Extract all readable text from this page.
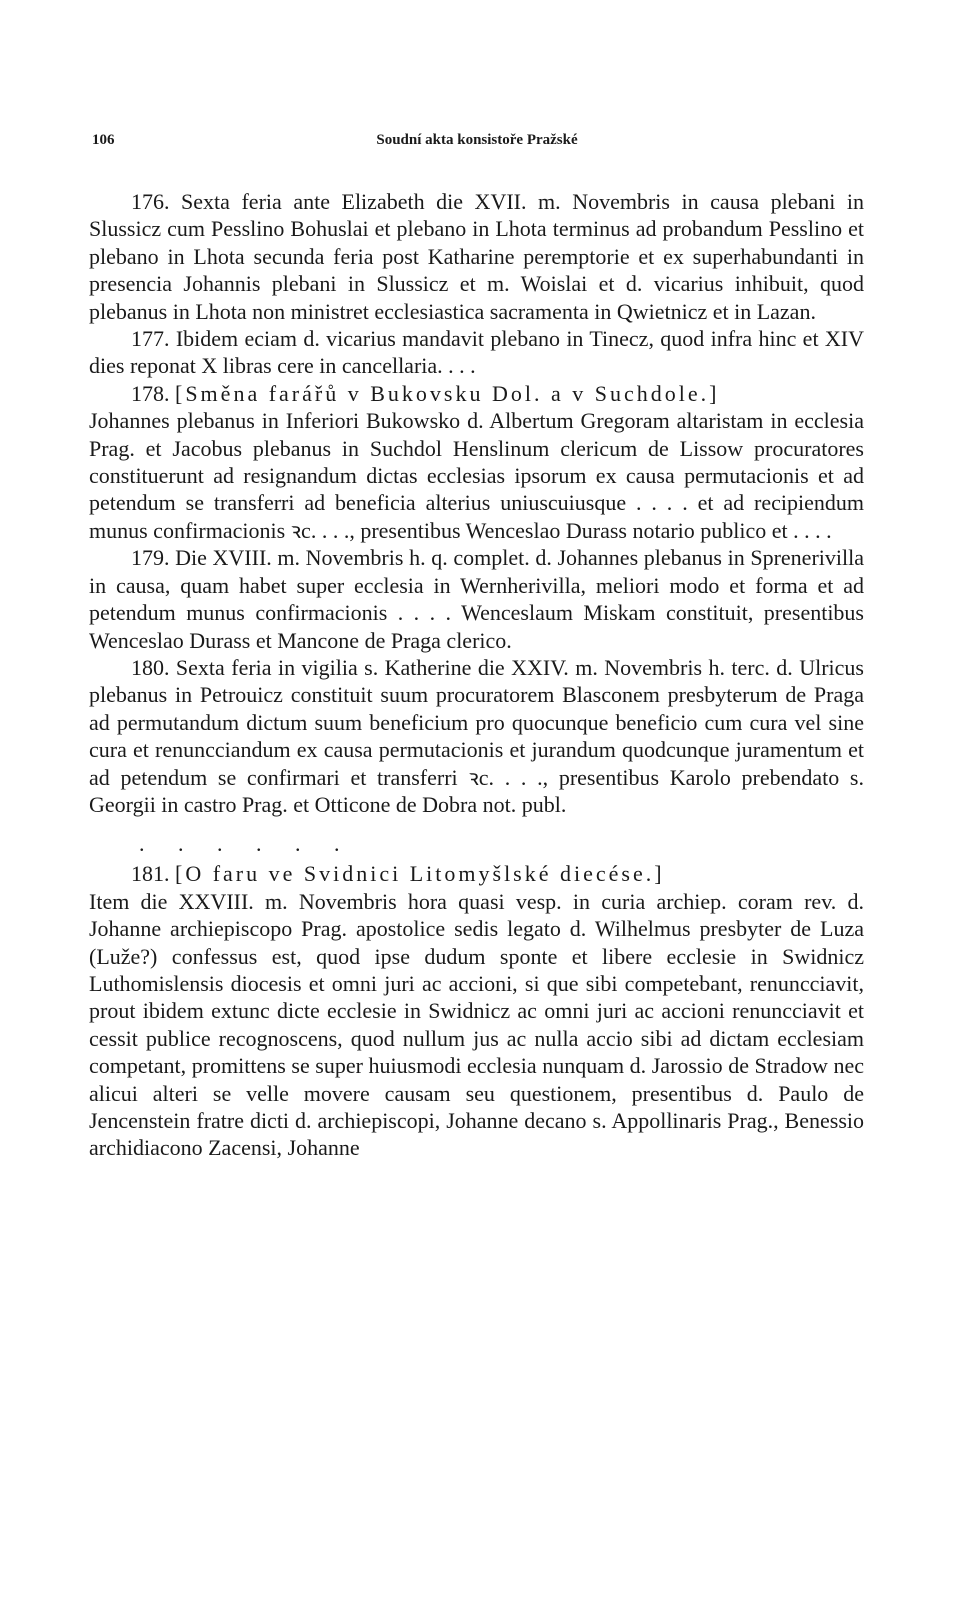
106	Soudní akta konsistoře Pražské

176. Sexta feria ante Elizabeth die XVII. m. Novembris in causa plebani in Slussicz cum Pesslino Bohuslai et plebano in Lhota terminus ad probandum Pesslino et plebano in Lhota secunda feria post Katharine peremptorie et ex superhabundanti in presencia Johannis plebani in Slussicz et m. Woislai et d. vicarius inhibuit, quod plebanus in Lhota non ministret ecclesiastica sacramenta in Qwietnicz et in Lazan.

177. Ibidem eciam d. vicarius mandavit plebano in Tinecz, quod infra hinc et XIV dies reponat X libras cere in cancellaria. . . .

178. [Směna farářů v Bukovsku Dol. a v Suchdole.]

Johannes plebanus in Inferiori Bukowsko d. Albertum Gregoram altaristam in ecclesia Prag. et Jacobus plebanus in Suchdol Henslinum clericum de Lissow procuratores constituerunt ad resignandum dictas ecclesias ipsorum ex causa permutacionis et ad petendum se transferri ad beneficia alterius uniuscuiusque . . . . et ad recipiendum munus confirmacionis ꝛc. . . ., presentibus Wenceslao Durass notario publico et . . . .

179. Die XVIII. m. Novembris h. q. complet. d. Johannes plebanus in Sprenerivilla in causa, quam habet super ecclesia in Wernherivilla, meliori modo et forma et ad petendum munus confirmacionis . . . . Wenceslaum Miskam constituit, presentibus Wenceslao Durass et Mancone de Praga clerico.

180. Sexta feria in vigilia s. Katherine die XXIV. m. Novembris h. terc. d. Ulricus plebanus in Petrouicz constituit suum procuratorem Blasconem presbyterum de Praga ad permutandum dictum suum beneficium pro quocunque beneficio cum cura vel sine cura et renuncciandum ex causa permutacionis et jurandum quodcunque juramentum et ad petendum se confirmari et transferri ꝛc. . . ., presentibus Karolo prebendato s. Georgii in castro Prag. et Otticone de Dobra not. publ.

. . . . . .

181. [O faru ve Svidnici Litomyšlské diecése.]

Item die XXVIII. m. Novembris hora quasi vesp. in curia archiep. coram rev. d. Johanne archiepiscopo Prag. apostolice sedis legato d. Wilhelmus presbyter de Luza (Luže?) confessus est, quod ipse dudum sponte et libere ecclesie in Swidnicz Luthomislensis diocesis et omni juri ac accioni, si que sibi competebant, renuncciavit, prout ibidem extunc dicte ecclesie in Swidnicz ac omni juri ac accioni renuncciavit et cessit publice recognoscens, quod nullum jus ac nulla accio sibi ad dictam ecclesiam competant, promittens se super huiusmodi ecclesia nunquam d. Jarossio de Stradow nec alicui alteri se velle movere causam seu questionem, presentibus d. Paulo de Jencenstein fratre dicti d. archiepiscopi, Johanne decano s. Appollinaris Prag., Benessio archidiacono Zacensi, Johanne
